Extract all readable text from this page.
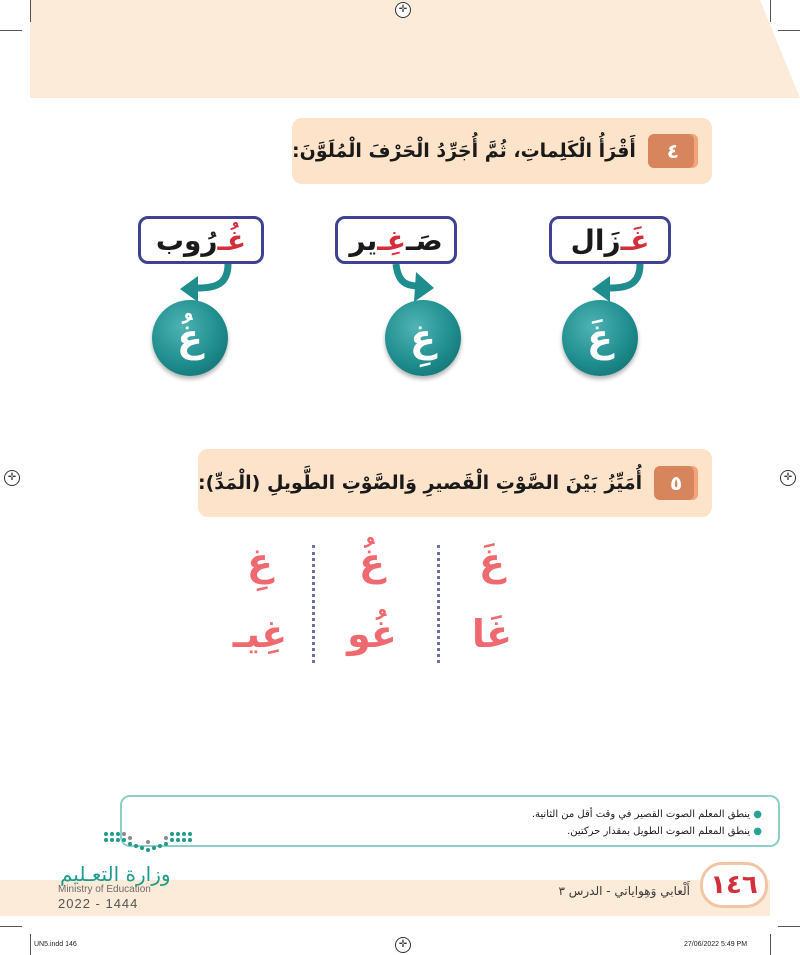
✛
✛	✛
✛
٤
أَقْرَأُ الْكَلِماتِ، ثُمَّ أُجَرِّدُ الْحَرْفَ الْمُلَوَّنَ:
غَـ
زَال
صَـ
غِـ
ير
غُـ
رُوب
غَ
غِ
غُ
٥
أُمَيِّزُ بَيْنَ الصَّوْتِ الْقَصيرِ وَالصَّوْتِ الطَّويلِ (الْمَدِّ):
غَ
غَا
غُ
غُو
غِ
غِيـ
● ينطق المعلم الصوت القصير في وقت أقل من الثانية.
● ينطق المعلم الصوت الطويل بمقدار حركتين.
وزارة التعـليم
Ministry of Education
2022 - 1444
أَلْعابي وَهِواياتي - الدرس ٣ ١٤٦
UN5.indd 146	27/06/2022 5:49 PM
